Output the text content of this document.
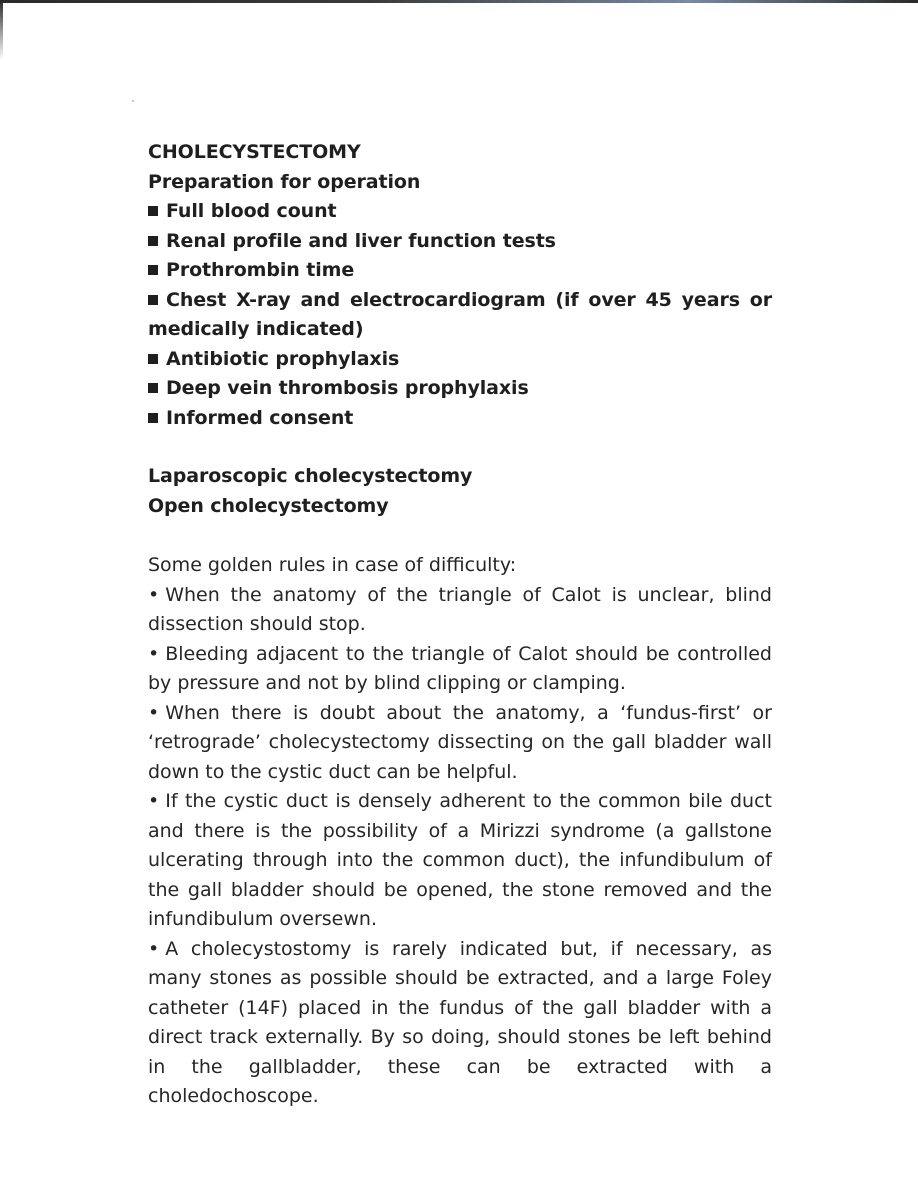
CHOLECYSTECTOMY

Preparation for operation

Full blood count

Renal profile and liver function tests

Prothrombin time

Chest X-ray and electrocardiogram (if over 45 years or medically indicated)

Antibiotic prophylaxis

Deep vein thrombosis prophylaxis

Informed consent

Laparoscopic cholecystectomy

Open cholecystectomy

Some golden rules in case of difficulty:

• When the anatomy of the triangle of Calot is unclear, blind dissection should stop.

• Bleeding adjacent to the triangle of Calot should be controlled by pressure and not by blind clipping or clamping.

• When there is doubt about the anatomy, a ‘fundus-first’ or ‘retrograde’ cholecystectomy dissecting on the gall bladder wall down to the cystic duct can be helpful.

• If the cystic duct is densely adherent to the common bile duct and there is the possibility of a Mirizzi syndrome (a gallstone ulcerating through into the common duct), the infundibulum of the gall bladder should be opened, the stone removed and the infundibulum oversewn.

• A cholecystostomy is rarely indicated but, if necessary, as many stones as possible should be extracted, and a large Foley catheter (14F) placed in the fundus of the gall bladder with a direct track externally. By so doing, should stones be left behind in the gallbladder, these can be extracted with a choledochoscope.
